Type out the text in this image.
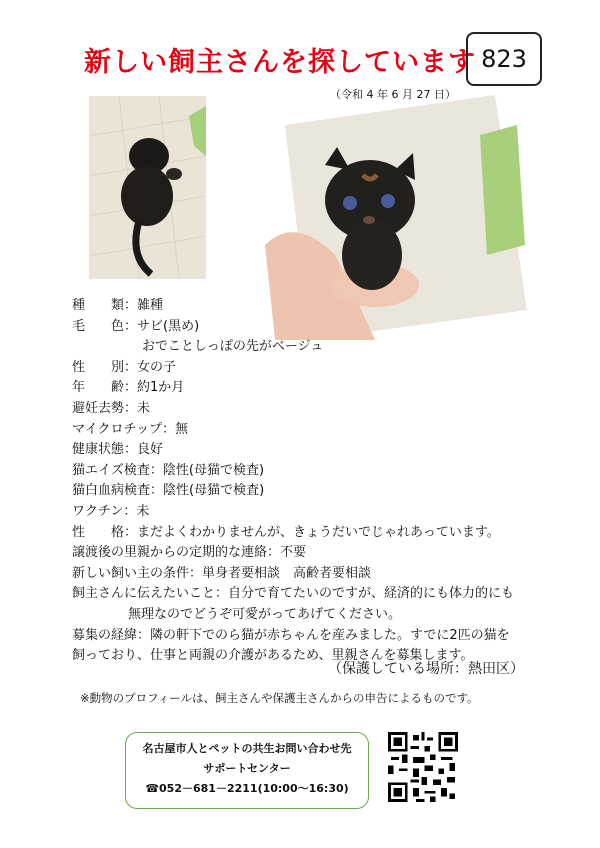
新しい飼主さんを探しています 823
（令和 4 年 6 月 27 日）
種　　類：雑種
毛　　色：サビ(黒め)
おでことしっぽの先がベージュ
性　　別：女の子
年　　齢：約1か月
避妊去勢：未
マイクロチップ：無
健康状態：良好
猫エイズ検査：陰性(母猫で検査)
猫白血病検査：陰性(母猫で検査)
ワクチン：未
性　　格：まだよくわかりませんが、きょうだいでじゃれあっています。
譲渡後の里親からの定期的な連絡：不要
新しい飼い主の条件：単身者要相談　高齢者要相談
飼主さんに伝えたいこと：自分で育てたいのですが、経済的にも体力的にも
無理なのでどうぞ可愛がってあげてください。
募集の経緯：隣の軒下でのら猫が赤ちゃんを産みました。すでに2匹の猫を
飼っており、仕事と両親の介護があるため、里親さんを募集します。
（保護している場所：熱田区）
※動物のプロフィールは、飼主さんや保護主さんからの申告によるものです。
名古屋市人とペットの共生お問い合わせ先
サポートセンター
☎052－681－2211(10:00～16:30)
